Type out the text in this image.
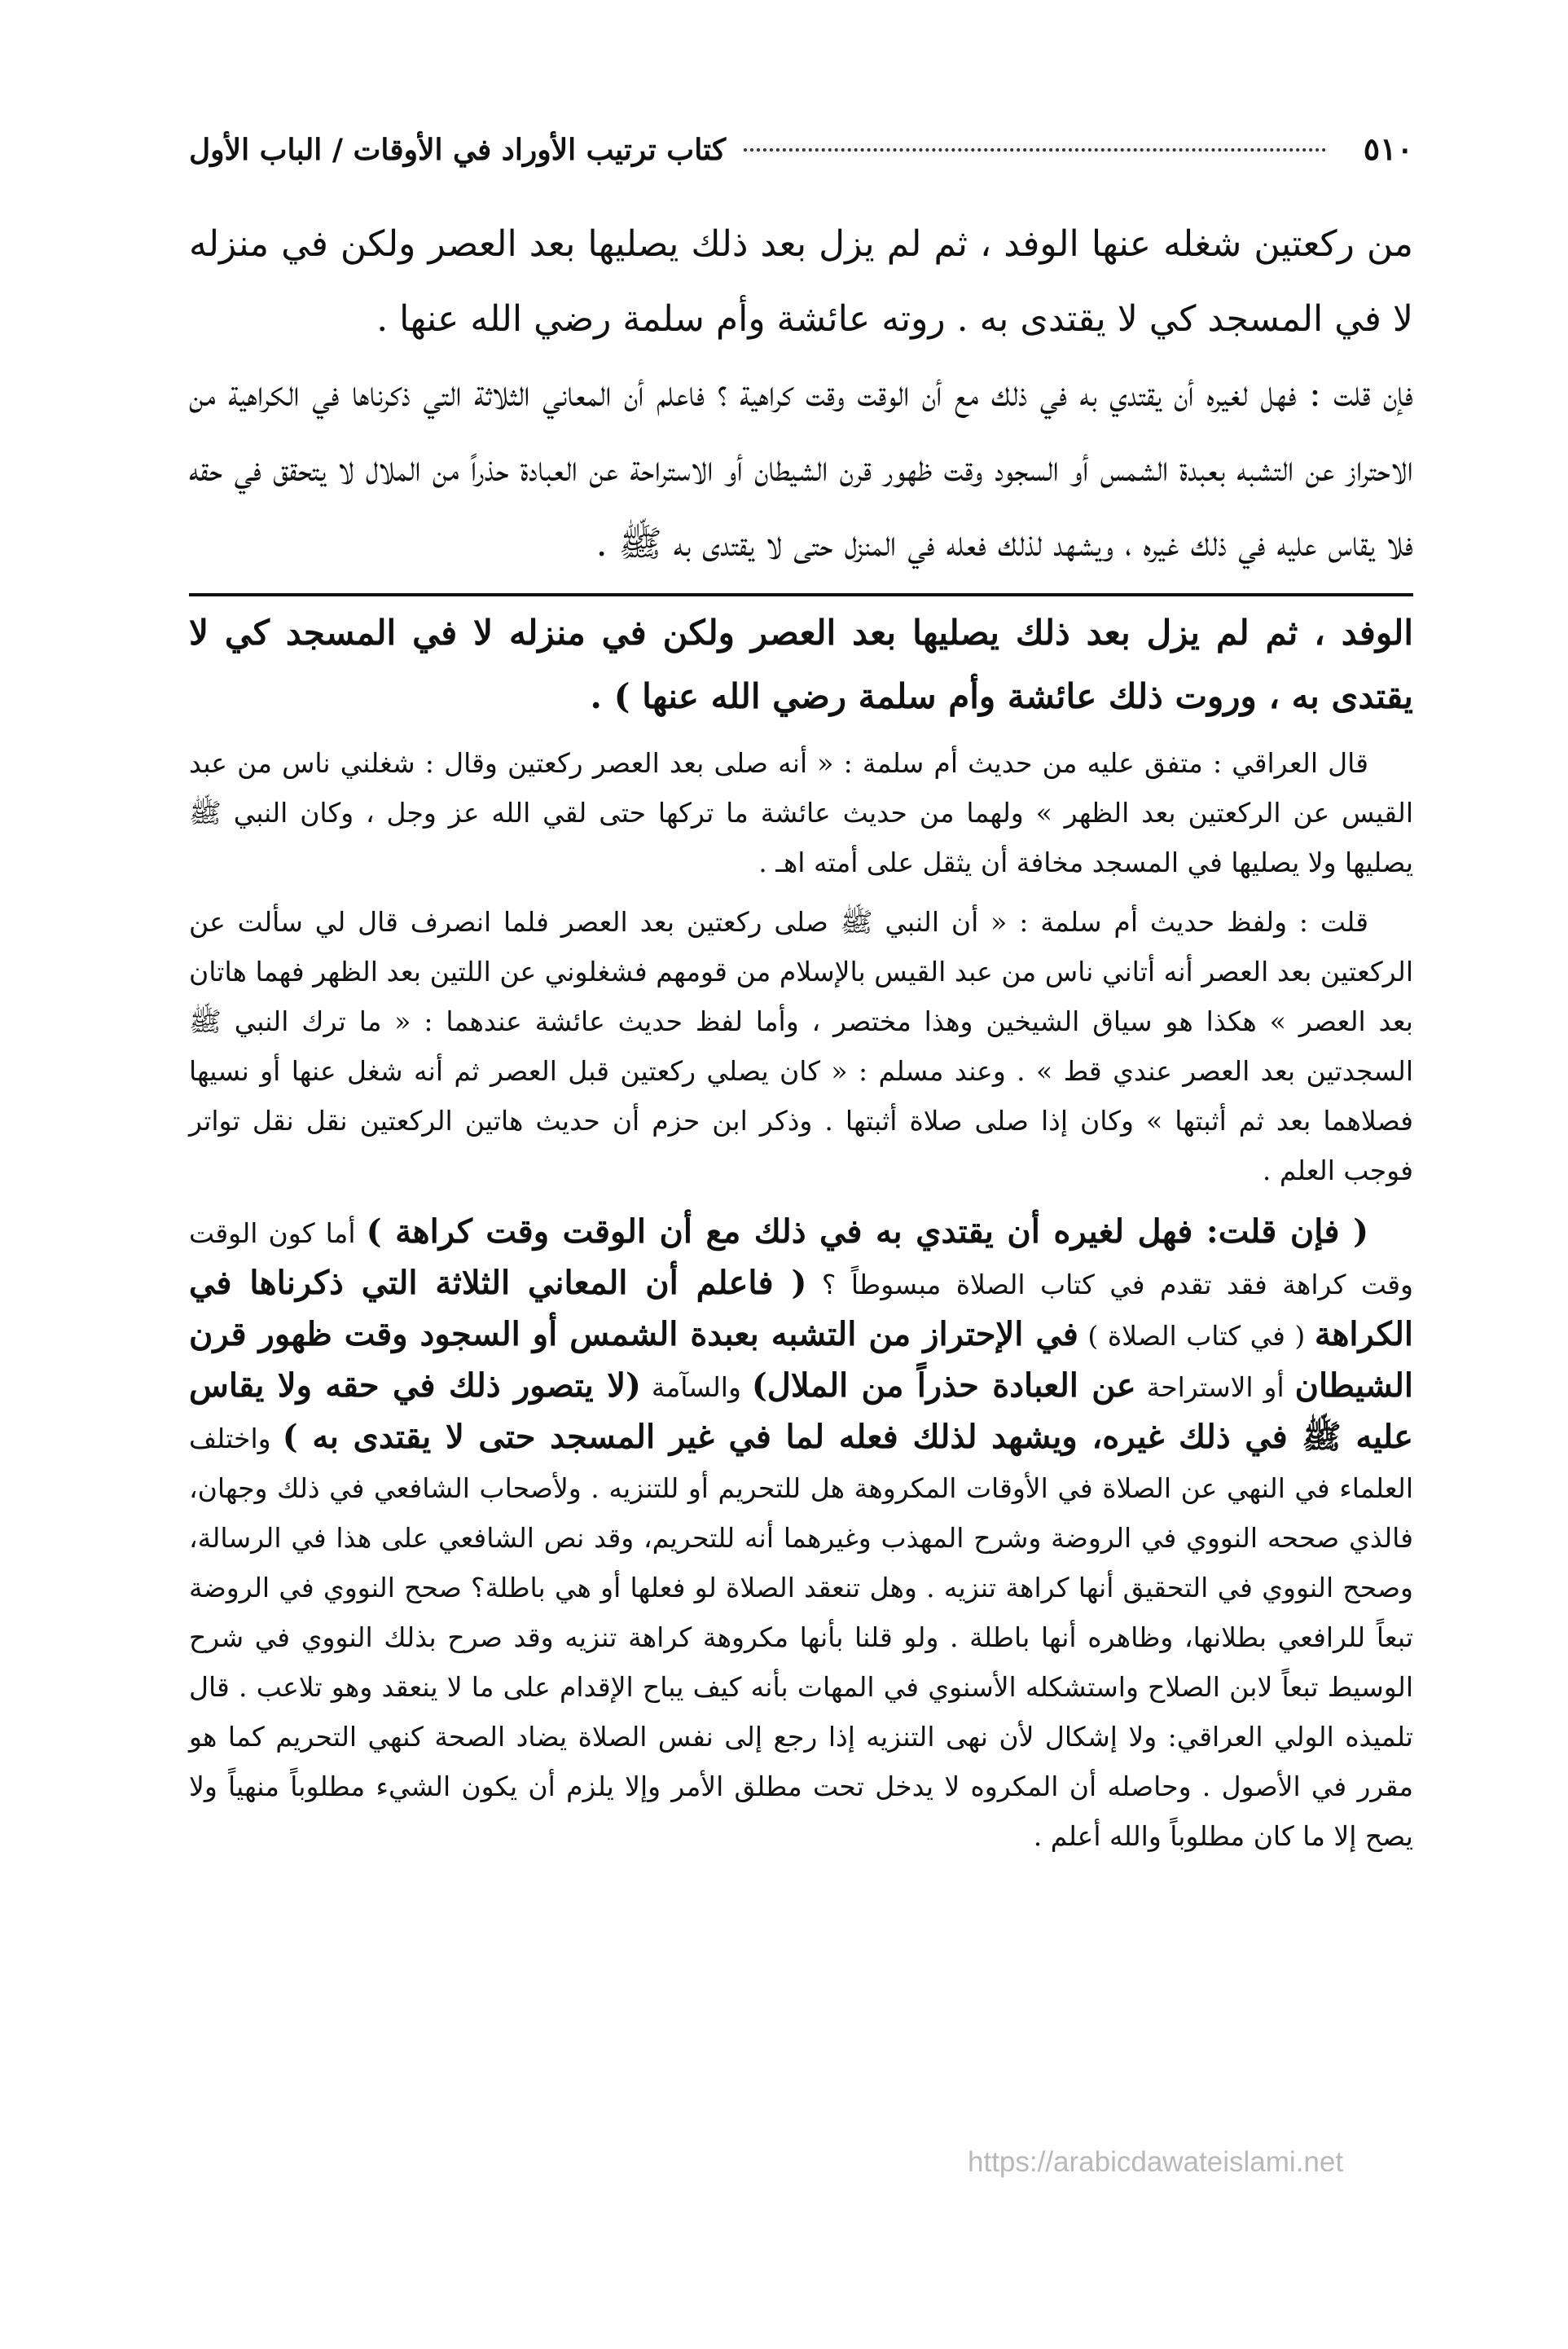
٥١٠
كتاب ترتيب الأوراد في الأوقات / الباب الأول

من ركعتين شغله عنها الوفد ، ثم لم يزل بعد ذلك يصليها بعد العصر ولكن في منزله لا في المسجد كي لا يقتدى به . روته عائشة وأم سلمة رضي الله عنها .

فإن قلت : فهل لغيره أن يقتدي به في ذلك مع أن الوقت وقت كراهية ؟ فاعلم أن المعاني الثلاثة التي ذكرناها في الكراهية من الاحتراز عن التشبه بعبدة الشمس أو السجود وقت ظهور قرن الشيطان أو الاستراحة عن العبادة حذراً من الملال لا يتحقق في حقه فلا يقاس عليه في ذلك غيره ، ويشهد لذلك فعله في المنزل حتى لا يقتدى به ﷺ .

الوفد ، ثم لم يزل بعد ذلك يصليها بعد العصر ولكن في منزله لا في المسجد كي لا يقتدى به ، وروت ذلك عائشة وأم سلمة رضي الله عنها ) .

قال العراقي : متفق عليه من حديث أم سلمة : « أنه صلى بعد العصر ركعتين وقال : شغلني ناس من عبد القيس عن الركعتين بعد الظهر » ولهما من حديث عائشة ما تركها حتى لقي الله عز وجل ، وكان النبي ﷺ يصليها ولا يصليها في المسجد مخافة أن يثقل على أمته اهـ .

قلت : ولفظ حديث أم سلمة : « أن النبي ﷺ صلى ركعتين بعد العصر فلما انصرف قال لي سألت عن الركعتين بعد العصر أنه أتاني ناس من عبد القيس بالإسلام من قومهم فشغلوني عن اللتين بعد الظهر فهما هاتان بعد العصر » هكذا هو سياق الشيخين وهذا مختصر ، وأما لفظ حديث عائشة عندهما : « ما ترك النبي ﷺ السجدتين بعد العصر عندي قط » . وعند مسلم : « كان يصلي ركعتين قبل العصر ثم أنه شغل عنها أو نسيها فصلاهما بعد ثم أثبتها » وكان إذا صلى صلاة أثبتها . وذكر ابن حزم أن حديث هاتين الركعتين نقل نقل تواتر فوجب العلم .

( فإن قلت: فهل لغيره أن يقتدي به في ذلك مع أن الوقت وقت كراهة ) أما كون الوقت وقت كراهة فقد تقدم في كتاب الصلاة مبسوطاً ؟ ( فاعلم أن المعاني الثلاثة التي ذكرناها في الكراهة ( في كتاب الصلاة ) في الإحتراز من التشبه بعبدة الشمس أو السجود وقت ظهور قرن الشيطان أو الاستراحة عن العبادة حذراً من الملال) والسآمة (لا يتصور ذلك في حقه ولا يقاس عليه ﷺ في ذلك غيره، ويشهد لذلك فعله لما في غير المسجد حتى لا يقتدى به ) واختلف العلماء في النهي عن الصلاة في الأوقات المكروهة هل للتحريم أو للتنزيه . ولأصحاب الشافعي في ذلك وجهان، فالذي صححه النووي في الروضة وشرح المهذب وغيرهما أنه للتحريم، وقد نص الشافعي على هذا في الرسالة، وصحح النووي في التحقيق أنها كراهة تنزيه . وهل تنعقد الصلاة لو فعلها أو هي باطلة؟ صحح النووي في الروضة تبعاً للرافعي بطلانها، وظاهره أنها باطلة . ولو قلنا بأنها مكروهة كراهة تنزيه وقد صرح بذلك النووي في شرح الوسيط تبعاً لابن الصلاح واستشكله الأسنوي في المهات بأنه كيف يباح الإقدام على ما لا ينعقد وهو تلاعب . قال تلميذه الولي العراقي: ولا إشكال لأن نهى التنزيه إذا رجع إلى نفس الصلاة يضاد الصحة كنهي التحريم كما هو مقرر في الأصول . وحاصله أن المكروه لا يدخل تحت مطلق الأمر وإلا يلزم أن يكون الشيء مطلوباً منهياً ولا يصح إلا ما كان مطلوباً والله أعلم .

https://arabicdawateislami.net
